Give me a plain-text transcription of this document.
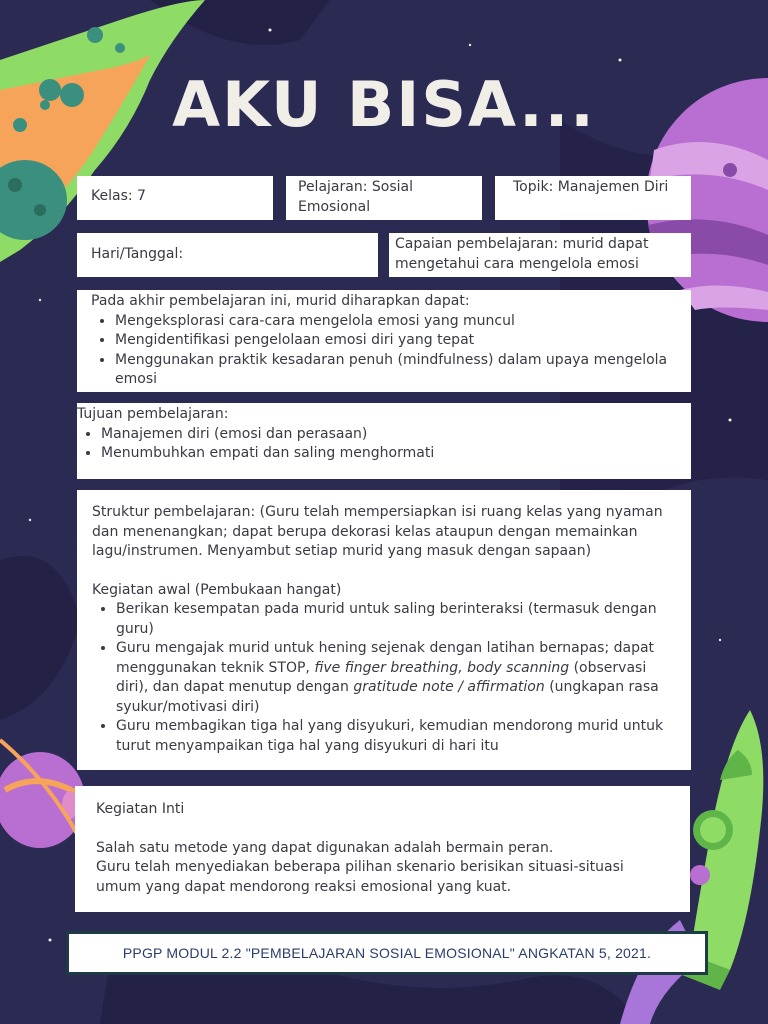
AKU BISA...
Kelas: 7
Pelajaran: Sosial Emosional
Topik: Manajemen Diri
Hari/Tanggal:
Capaian pembelajaran: murid dapat mengetahui cara mengelola emosi
Pada akhir pembelajaran ini, murid diharapkan dapat:
• Mengeksplorasi cara-cara mengelola emosi yang muncul
• Mengidentifikasi pengelolaan emosi diri yang tepat
• Menggunakan praktik kesadaran penuh (mindfulness) dalam upaya mengelola emosi
Tujuan pembelajaran:
• Manajemen diri (emosi dan perasaan)
• Menumbuhkan empati dan saling menghormati
Struktur pembelajaran: (Guru telah mempersiapkan isi ruang kelas yang nyaman dan menenangkan; dapat berupa dekorasi kelas ataupun dengan memainkan lagu/instrumen. Menyambut setiap murid yang masuk dengan sapaan)
Kegiatan awal (Pembukaan hangat)
• Berikan kesempatan pada murid untuk saling berinteraksi (termasuk dengan guru)
• Guru mengajak murid untuk hening sejenak dengan latihan bernapas; dapat menggunakan teknik STOP, five finger breathing, body scanning (observasi diri), dan dapat menutup dengan gratitude note / affirmation (ungkapan rasa syukur/motivasi diri)
• Guru membagikan tiga hal yang disyukuri, kemudian mendorong murid untuk turut menyampaikan tiga hal yang disyukuri di hari itu
Kegiatan Inti
Salah satu metode yang dapat digunakan adalah bermain peran.
Guru telah menyediakan beberapa pilihan skenario berisikan situasi-situasi umum yang dapat mendorong reaksi emosional yang kuat.
PPGP MODUL 2.2 "PEMBELAJARAN SOSIAL EMOSIONAL" ANGKATAN 5, 2021.
